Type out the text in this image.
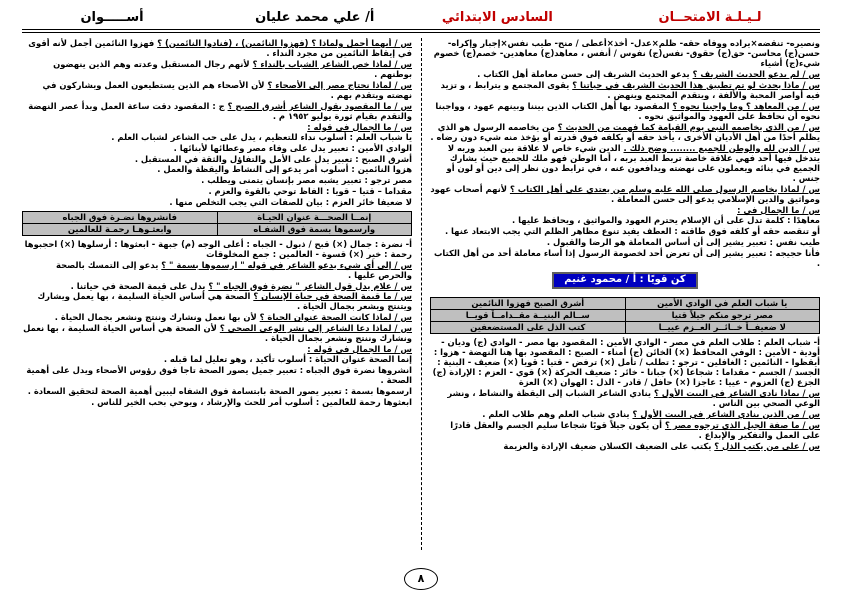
لـيـلـة الامتحــان
السادس الابتدائي
أ/ علي محمد عليان
أســـــوان

ونصيره- تنقضه×يراده ووفاه حقه- ظلم×عدل- أخذ×أعطى / منح- طيب نفس×إجبار وإكراه- حسن(ج) محاسن- حق(ج) حقوق- نفس(ج) نفوس / أنفس ، معاهد(ج) معاهدين- خصم(ج) خصوم شيء(ج) أشياء

س / لم يدعو الحديث الشريف ؟ يدعو الحديث الشريف إلى حسن معاملة أهل الكتاب .

س / ماذا يحدث لو تم تطبيق هذا الحديث الشريف في حياتنا ؟ يقوى المجتمع و يترابط ، و تزيد فيه أواصر المحبة والألفة ، ويتقدم المجتمع وينهض .

س / من المعاهد ؟ وما واجبنا نحوه ؟ المقصود بها أهل الكتاب الذين بيننا وبينهم عهود ، وواجبنا نحوه أن نحافظ على العهود والمواثيق نحوه .

س / من الذي يخاصمه النبي يوم القيامة كما فهمت من الحديث ؟ من يخاصمه الرسول هو الذي يظلم أحدًا من أهل الأديان الأخرى ، يأخذ حقه أو يكلفه فوق قدرته أو يؤخذ منه شيء دون رضاه .

س / الدين لله والوطن للجميع ........ وضح ذلك . الدين شيء خاص لا علاقة بين العبد وربه لا يتدخل فيها أحد فهي علاقة خاصة تربط العبد بربه ، أما الوطن فهو ملك للجميع حيث يشارك الجميع في بنائه ويعملون على نهضته ويدافعون عنه ، في ترابط دون نظر إلى دين أو لون أو جنس .

س / لماذا يخاصم الرسول صلى الله عليه وسلم من يعتدي على أهل الكتاب ؟ لأنهم أصحاب عهود ومواثيق والدين الإسلامي يدعو إلى حسن المعاملة .

س / ما الجمال في :

معاهدًا : كلمة تدل على أن الإسلام يحترم العهود والمواثيق ، ويحافظ عليها .

أو تنقصه حقه أو كلفه فوق طاقته : العطف يفيد تنوع مظاهر الظلم التي يجب الابتعاد عنها .

طيب نفس : تعبير يشير إلى أن أساس المعاملة هو الرضا والقبول .

فأنا حجيجه : تعبير يشير إلى أن تعرض أحد لخصومة الرسول إذا أساء معاملة أحد من أهل الكتاب .

كن قويًا : أ / محمود غنيم
يا شباب العلم في الوادي الأمين	أشرق الصبح فهزوا النائمين
مصر ترجو منكم جيلاً قتيا	ســالم البنيــة مقــدامــاً قويــا
لا ضعيفــاً خــائــر العــزم عييــا	كتب الذل على المستضعفين

أ- شباب العلم : طلاب العلم في مصر - الوادي الأمين : المقصود بها مصر - الوادي (ج) وديان - أودية - الأمين : الوفي المحافظ (×) الخائن (ج) أمناء - الصبح : المقصود بها هنا النهضة - هزوا : أيقظوا - النائمين : الغافلين - ترجو : تطلب / تأمل (×) ترفض - قتيا : قويا (×) ضعيف - البنية : الجسد / الجسم - مقداما : شجاعا (×) جبانا - خائر : ضعيف الحركة (×) قوي - العزم : الإرادة (ج) الجزع (ج) العزوم - عييا : عاجزا (×) حافل / قادر - الذل : الهوان (×) العزة

س / بماذا نادى الشاعر في البيت الأول ؟ ينادي الشاعر الشباب إلى اليقظة والنشاط ، ونشر الوعي الصحي بين الناس .

س / من الذين ينادي الشاعر في البيت الأول ؟ ينادي شباب العلم وهم طلاب العلم .

س / ما صفة الجيل الذي ترجوه مصر ؟ أن يكون جيلاً قويًا شجاعا سليم الجسم والعقل قادرًا على العمل والتفكير والإبداع .

س / على من يكتب الذل ؟ يكتب على الضعيف الكسلان ضعيف الإرادة والعزيمة

س / أيهما أجمل ولماذا ؟ (فهزوا النائمين) ، (فنادوا النائمين) ؟ فهزوا النائمين أجمل لأنه أقوى في إيقاظ النائمين من مجرد النداء .

س / لماذا خص الشاعر الشباب بالنداء ؟ لأنهم رجال المستقبل وعدته وهم الذين ينهضون بوطنهم .

س / لماذا نحتاج مصر إلى الأصحاء ؟ لأن الأصحاء هم الذين يستطيعون العمل ويشاركون في نهضته ويتقدم بهم .

س / ما المقصود بقول الشاعر أشرق الصبح ؟ ج : المقصود دقت ساعة العمل وبدأ عصر النهضة والتقدم بقيام ثورة يوليو ١٩٥٢ م .

س / ما الجمال في قوله :

يا شباب العلم : أسلوب نداء للتعظيم ، يدل على حب الشاعر لشباب العلم .

الوادي الأمين : تعبير يدل على وفاء مصر وعطائها لأبنائها .

أشرق الصبح : تعبير يدل على الأمل والتفاؤل والثقة في المستقبل .

هزوا النائمين : أسلوب أمر يدعو إلى النشاط واليقظة والعمل .

مصر ترجو : تعبير يشبه مصر بإنسان يتمنى ويطلب .

مقداما – قتيا – قويا : الفاظ توحي بالقوة والعزم .

لا ضعيفا خائر العزم : بيان للصفات التي يجب التخلص منها .

إنمــا الصحـــة عنوان الحيـاة	فانشروها نضـرة فوق الجباه
وارسموها بسمة فوق الشفـاه	وابعثـوهـا رحمـة للعالمين

أ- نضرة : جمال (×) قبح / ذبول - الجباه : أعلى الوجه (م) جبهة - ابعثوها : أرسلوها (×) احجبوها رحمة : خير (×) قسوة - العالمين : جمع المخلوقات

س / إلى أي شيء يدعو الشاعر في قوله " ارسموها بسمة " ؟ يدعو إلى التمسك بالصحة والحرص عليها .

س / علام يدل قول الشاعر " نضرة فوق الجباه " ؟ يدل على قيمة الصحة في حياتنا .

س / ما قيمة الصحة في حياة الإنسان ؟ الصحة هي أساس الحياة السليمة ، بها يعمل ويشارك ويتنتج ويشعر بجمال الحياة .

س / لماذا كانت الصحة عنوان الحياة ؟ لأن بها نعمل ونشارك وننتج ونشعر بجمال الحياة .

س / لماذا دعا الشاعر إلى نشر الوعي الصحي ؟ لأن الصحة هي أساس الحياة السليمة ، بها نعمل ونشارك وننتج ونشعر بجمال الحياة .

س / ما الجمال في قوله :

إنما الصحة عنوان الحياة : أسلوب تأكيد ، وهو تعليل لما قبله .

انشروها نضرة فوق الجباه : تعبير جميل يصور الصحة تاجا فوق رؤوس الأصحاء ويدل على أهمية الصحة .

ارسموها بسمة : تعبير يصور الصحة بابتسامة فوق الشفاه ليبين أهمية الصحة لتحقيق السعادة .

ابعثوها رحمة للعالمين : أسلوب أمر للحث والإرشاد ، ويوحي بحب الخير للناس .

٨
